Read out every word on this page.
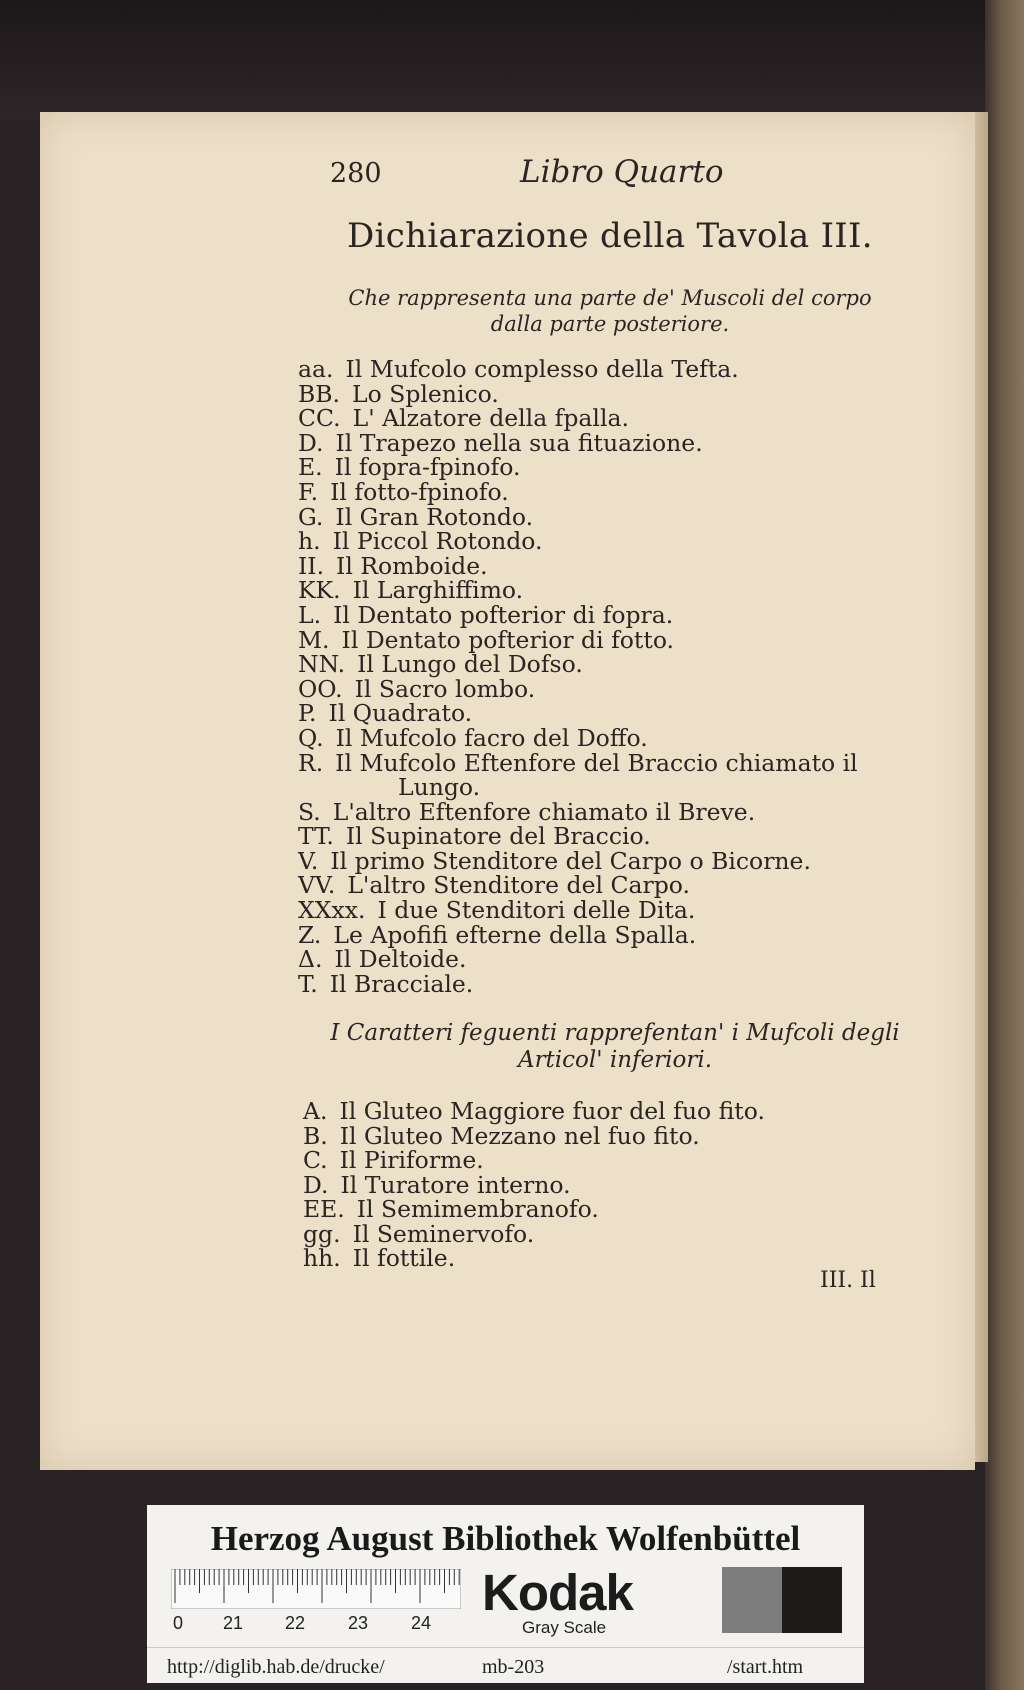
280	Libro Quarto
Dichiarazione della Tavola III.
Che rappresenta una parte de' Muscoli del corpo
dalla parte posteriore.
aa. Il Mufcolo complesso della Tefta.
BB. Lo Splenico.
CC. L' Alzatore della fpalla.
D. Il Trapezo nella sua fituazione.
E. Il fopra-fpinofo.
F. Il fotto-fpinofo.
G. Il Gran Rotondo.
h. Il Piccol Rotondo.
II. Il Romboide.
KK. Il Larghiffimo.
L. Il Dentato pofterior di fopra.
M. Il Dentato pofterior di fotto.
NN. Il Lungo del Dofso.
OO. Il Sacro lombo.
P. Il Quadrato.
Q. Il Mufcolo facro del Doffo.
R. Il Mufcolo Eftenfore del Braccio chiamato il
Lungo.
S. L'altro Eftenfore chiamato il Breve.
TT. Il Supinatore del Braccio.
V. Il primo Stenditore del Carpo o Bicorne.
VV. L'altro Stenditore del Carpo.
XXxx. I due Stenditori delle Dita.
Z. Le Apofifi efterne della Spalla.
Δ. Il Deltoide.
T. Il Bracciale.
I Caratteri feguenti rapprefentan' i Mufcoli degli
Articol' inferiori.
A. Il Gluteo Maggiore fuor del fuo fito.
B. Il Gluteo Mezzano nel fuo fito.
C. Il Piriforme.
D. Il Turatore interno.
EE. Il Semimembranofo.
gg. Il Seminervofo.
hh. Il fottile.
III. Il
Herzog August Bibliothek Wolfenbüttel
0 21 22 23 24
Kodak
Gray Scale
http://diglib.hab.de/drucke/	mb-203	/start.htm
